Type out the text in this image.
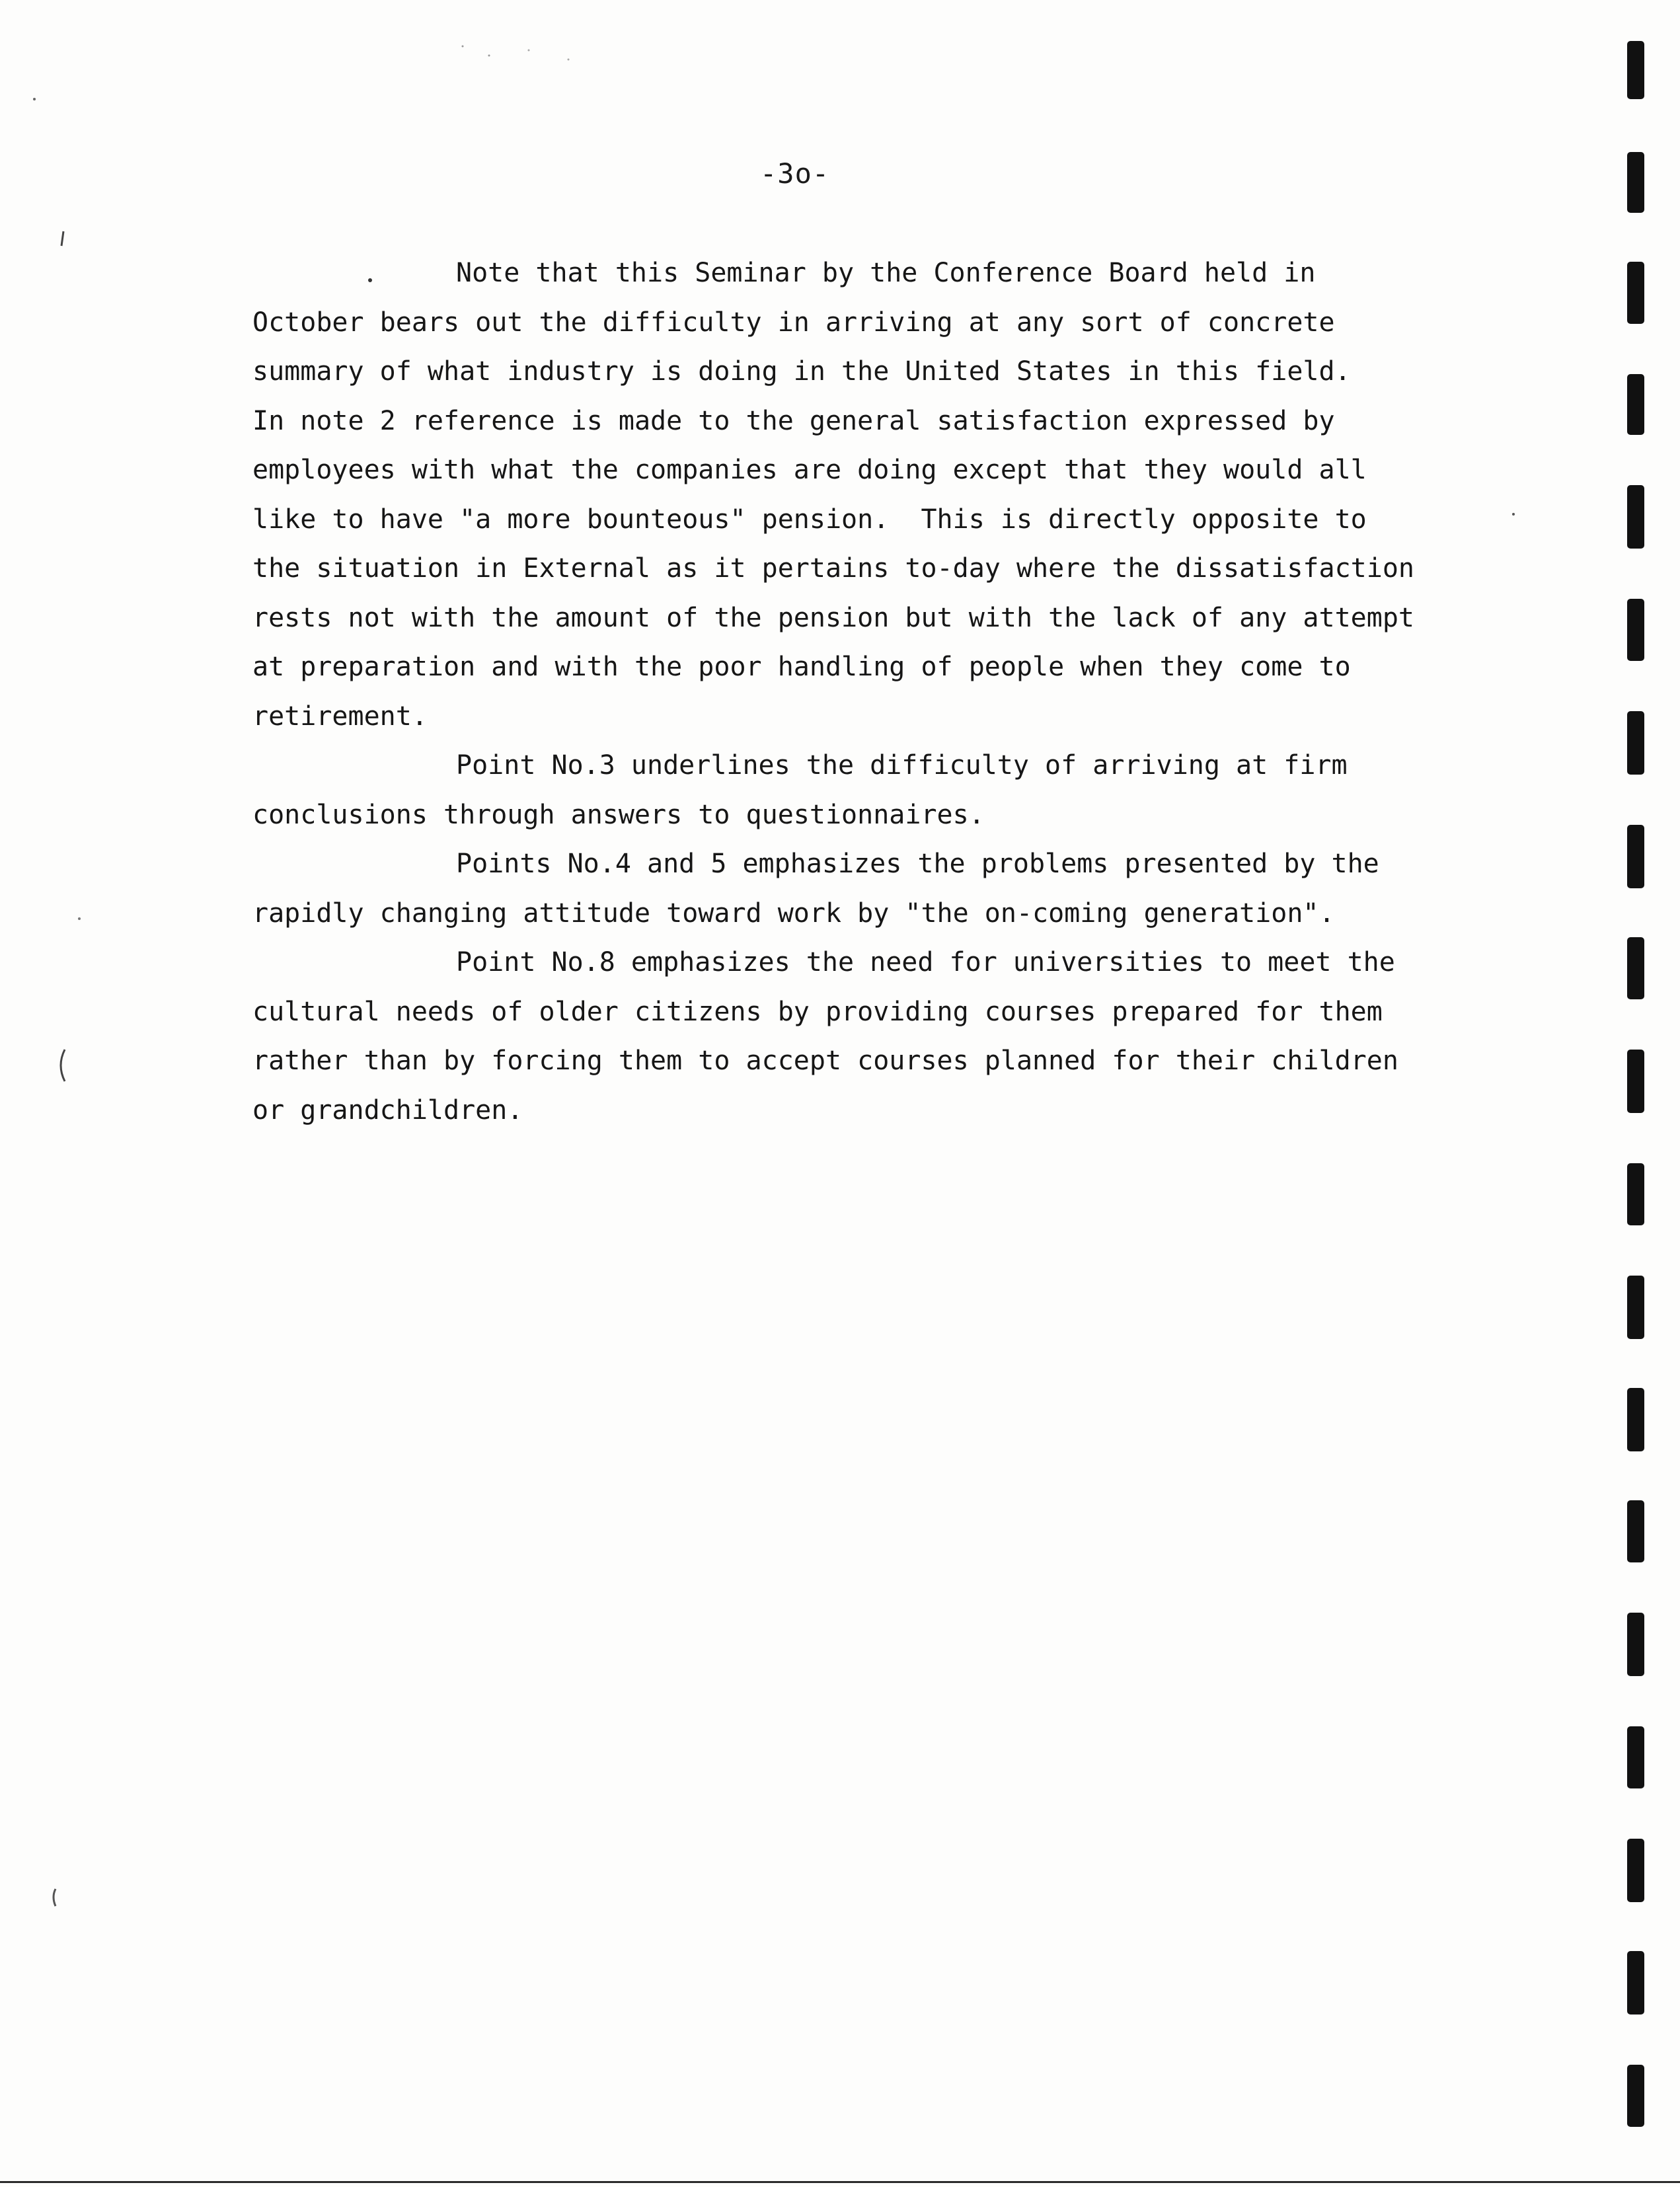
-3o-
Note that this Seminar by the Conference Board held in
October bears out the difficulty in arriving at any sort of concrete
summary of what industry is doing in the United States in this field.
In note 2 reference is made to the general satisfaction expressed by
employees with what the companies are doing except that they would all
like to have "a more bounteous" pension.  This is directly opposite to
the situation in External as it pertains to-day where the dissatisfaction
rests not with the amount of the pension but with the lack of any attempt
at preparation and with the poor handling of people when they come to
retirement.
Point No.3 underlines the difficulty of arriving at firm
conclusions through answers to questionnaires.
Points No.4 and 5 emphasizes the problems presented by the
rapidly changing attitude toward work by "the on-coming generation".
Point No.8 emphasizes the need for universities to meet the
cultural needs of older citizens by providing courses prepared for them
rather than by forcing them to accept courses planned for their children
or grandchildren.
